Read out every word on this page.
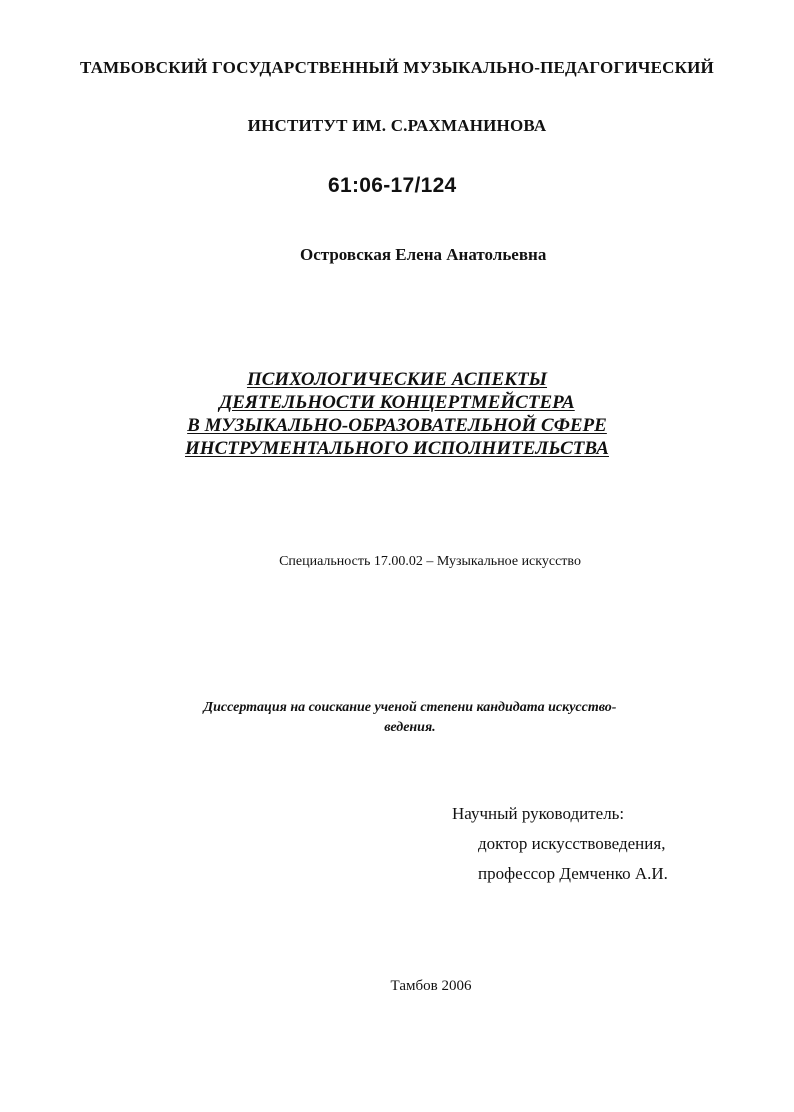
ТАМБОВСКИЙ ГОСУДАРСТВЕННЫЙ МУЗЫКАЛЬНО-ПЕДАГОГИЧЕСКИЙ

ИНСТИТУТ ИМ. С.РАХМАНИНОВА

61:06-17/124

Островская Елена Анатольевна

ПСИХОЛОГИЧЕСКИЕ АСПЕКТЫ
ДЕЯТЕЛЬНОСТИ КОНЦЕРТМЕЙСТЕРА
В МУЗЫКАЛЬНО-ОБРАЗОВАТЕЛЬНОЙ СФЕРЕ
ИНСТРУМЕНТАЛЬНОГО ИСПОЛНИТЕЛЬСТВА

Специальность 17.00.02 – Музыкальное искусство

Диссертация на соискание ученой степени кандидата искусство-
ведения.

Научный руководитель:

доктор искусствоведения,

профессор Демченко А.И.

Тамбов 2006
